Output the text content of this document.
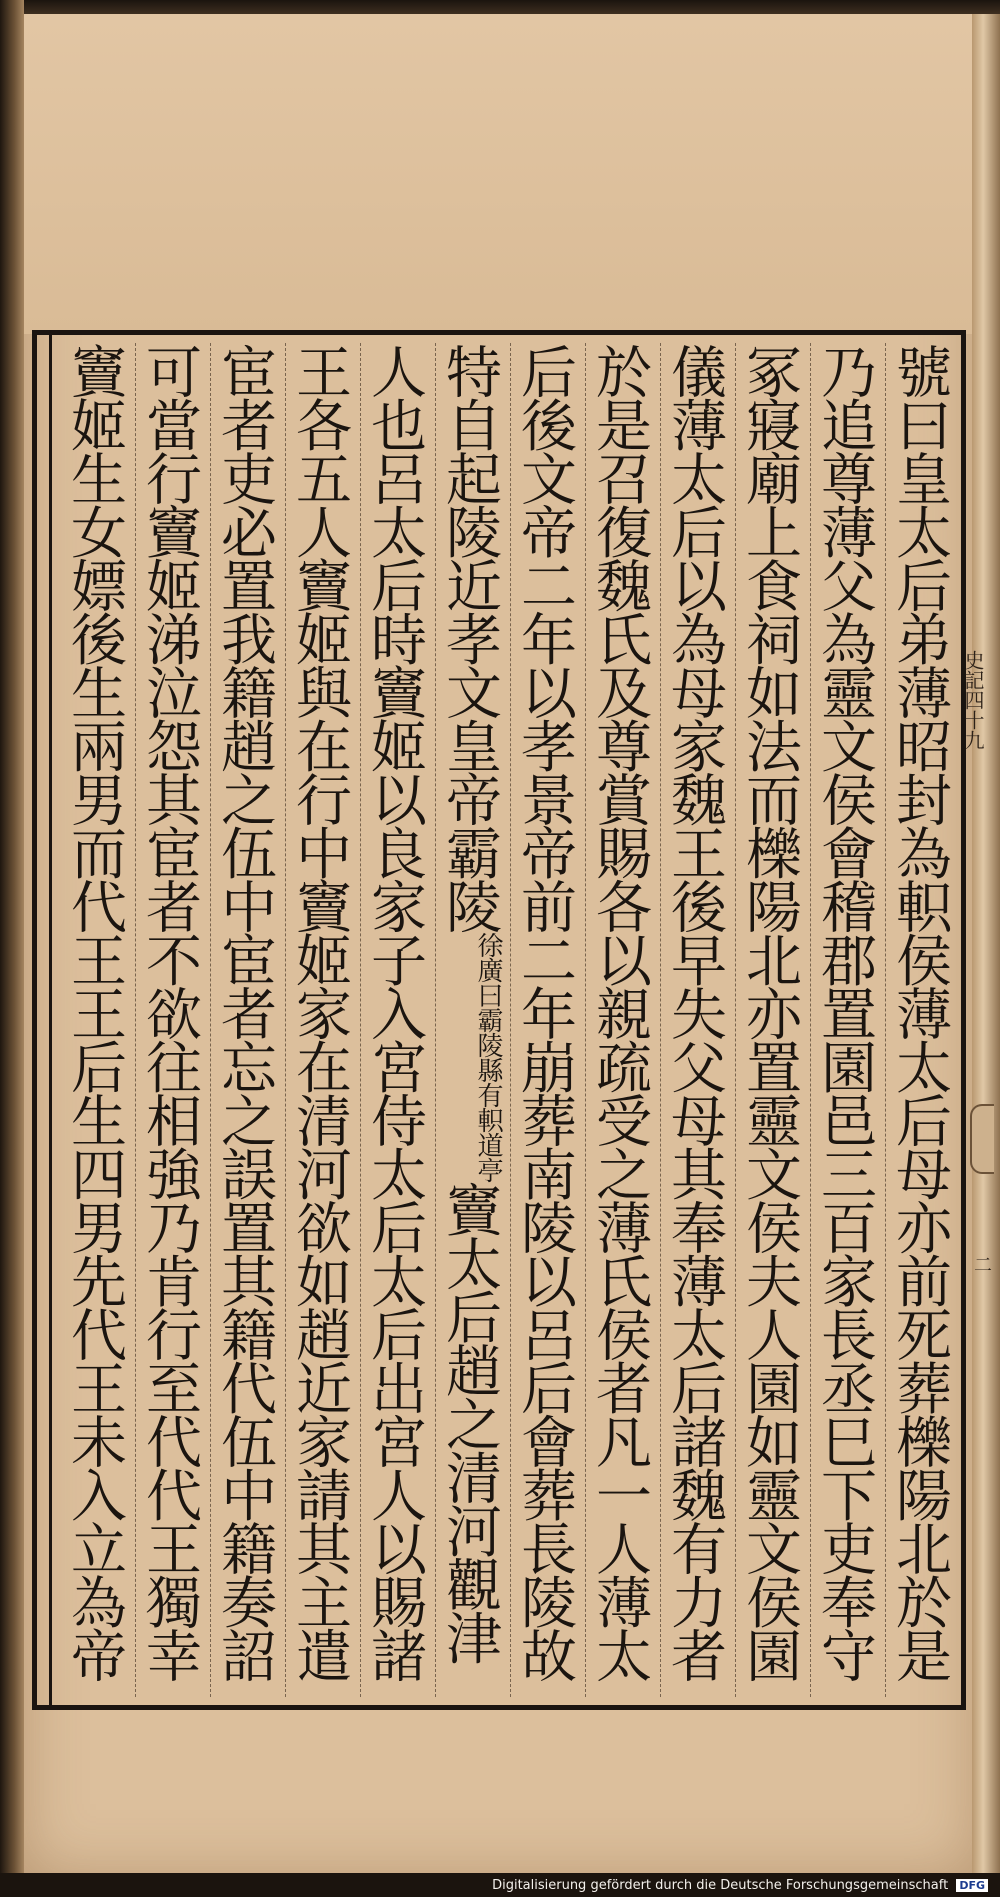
號曰皇太后弟薄昭封為軹侯薄太后母亦前死葬櫟陽北於是
乃追尊薄父為靈文侯會稽郡置園邑三百家長丞巳下吏奉守
冢寢廟上食祠如法而櫟陽北亦置靈文侯夫人園如靈文侯園
儀薄太后以為母家魏王後早失父母其奉薄太后諸魏有力者
於是召復魏氏及尊賞賜各以親疏受之薄氏侯者凡一人薄太
后後文帝二年以孝景帝前二年崩葬南陵以呂后會葬長陵故
特自起陵近孝文皇帝霸陵徐廣曰霸陵縣有軹道亭竇太后趙之清河觀津
人也呂太后時竇姬以良家子入宮侍太后太后出宮人以賜諸
王各五人竇姬與在行中竇姬家在清河欲如趙近家請其主遣
宦者吏必置我籍趙之伍中宦者忘之誤置其籍代伍中籍奏詔
可當行竇姬涕泣怨其宦者不欲往相強乃肯行至代代王獨幸
竇姬生女嫖後生兩男而代王王后生四男先代王未入立為帝	史記四十九
二
Digitalisierung gefördert durch die Deutsche Forschungsgemeinschaft DFG
